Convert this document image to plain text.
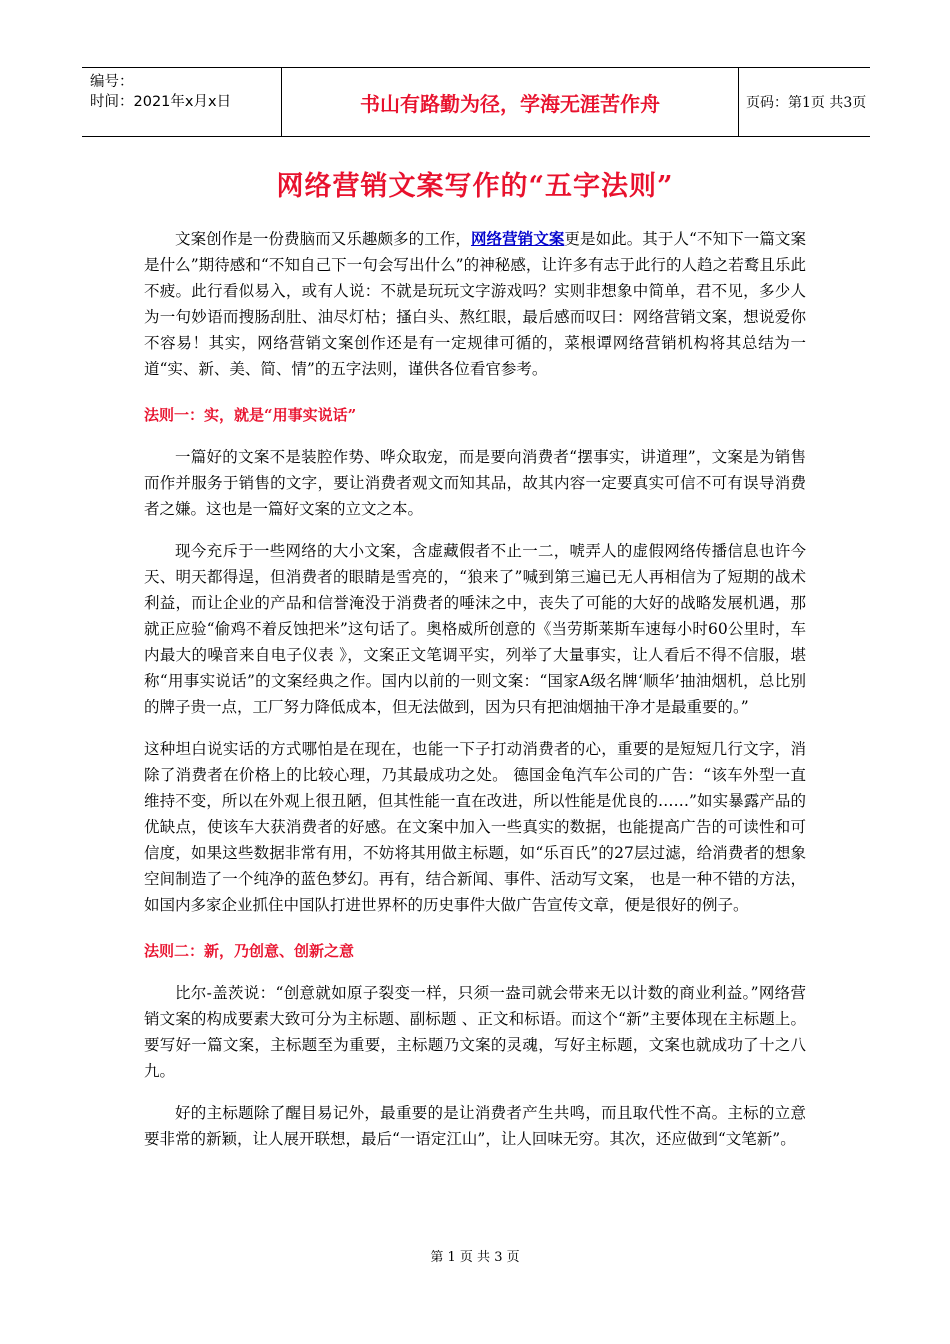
编号：
时间：2021年x月x日	书山有路勤为径，学海无涯苦作舟	页码：第1页 共3页
网络营销文案写作的“五字法则”

文案创作是一份费脑而又乐趣颇多的工作，网络营销文案更是如此。其于人“不知下一篇文案是什么”期待感和“不知自己下一句会写出什么”的神秘感，让许多有志于此行的人趋之若鹜且乐此不疲。此行看似易入，或有人说：不就是玩玩文字游戏吗？实则非想象中简单，君不见，多少人为一句妙语而搜肠刮肚、油尽灯枯；搔白头、熬红眼，最后感而叹曰：网络营销文案，想说爱你不容易！其实，网络营销文案创作还是有一定规律可循的，菜根谭网络营销机构将其总结为一道“实、新、美、简、情”的五字法则，谨供各位看官参考。

法则一：实，就是“用事实说话”

一篇好的文案不是装腔作势、哗众取宠，而是要向消费者“摆事实，讲道理”，文案是为销售而作并服务于销售的文字，要让消费者观文而知其品，故其内容一定要真实可信不可有误导消费者之嫌。这也是一篇好文案的立文之本。

现今充斥于一些网络的大小文案，含虚藏假者不止一二，唬弄人的虚假网络传播信息也许今天、明天都得逞，但消费者的眼睛是雪亮的，“狼来了”喊到第三遍已无人再相信为了短期的战术利益，而让企业的产品和信誉淹没于消费者的唾沫之中，丧失了可能的大好的战略发展机遇，那就正应验“偷鸡不着反蚀把米”这句话了。奥格威所创意的《当劳斯莱斯车速每小时60公里时，车内最大的噪音来自电子仪表 》，文案正文笔调平实，列举了大量事实，让人看后不得不信服，堪称“用事实说话”的文案经典之作。国内以前的一则文案：“国家A级名牌‘顺华’抽油烟机，总比别的牌子贵一点，工厂努力降低成本，但无法做到，因为只有把油烟抽干净才是最重要的。”

这种坦白说实话的方式哪怕是在现在，也能一下子打动消费者的心，重要的是短短几行文字，消除了消费者在价格上的比较心理，乃其最成功之处。 德国金龟汽车公司的广告：“该车外型一直维持不变，所以在外观上很丑陋，但其性能一直在改进，所以性能是优良的……”如实暴露产品的优缺点，使该车大获消费者的好感。在文案中加入一些真实的数据，也能提高广告的可读性和可信度，如果这些数据非常有用，不妨将其用做主标题，如“乐百氏”的27层过滤，给消费者的想象空间制造了一个纯净的蓝色梦幻。再有，结合新闻、事件、活动写文案， 也是一种不错的方法，如国内多家企业抓住中国队打进世界杯的历史事件大做广告宣传文章，便是很好的例子。

法则二：新，乃创意、创新之意

比尔-盖茨说：“创意就如原子裂变一样，只须一盎司就会带来无以计数的商业利益。”网络营销文案的构成要素大致可分为主标题、副标题 、正文和标语。而这个“新”主要体现在主标题上。要写好一篇文案，主标题至为重要，主标题乃文案的灵魂，写好主标题，文案也就成功了十之八九。

好的主标题除了醒目易记外，最重要的是让消费者产生共鸣，而且取代性不高。主标的立意要非常的新颖，让人展开联想，最后“一语定江山”，让人回味无穷。其次，还应做到“文笔新”。

第 1 页 共 3 页
